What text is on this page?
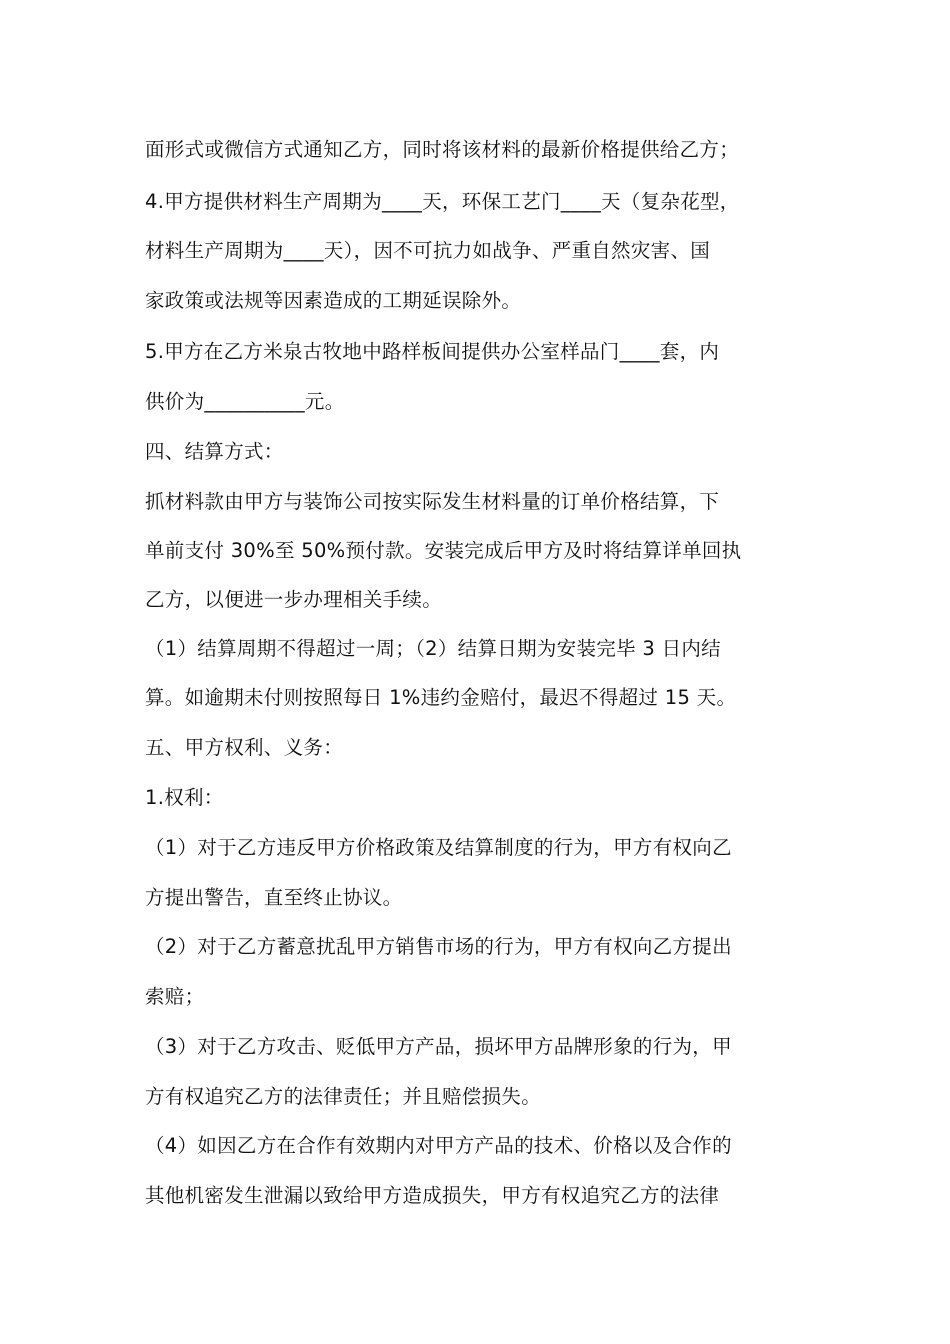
面形式或微信方式通知乙方，同时将该材料的最新价格提供给乙方；
4.甲方提供材料生产周期为____天，环保工艺门____天（复杂花型，
材料生产周期为____天），因不可抗力如战争、严重自然灾害、国
家政策或法规等因素造成的工期延误除外。
5.甲方在乙方米泉古牧地中路样板间提供办公室样品门____套，内
供价为__________元。
四、结算方式：
抓材料款由甲方与装饰公司按实际发生材料量的订单价格结算，下
单前支付 30%至 50%预付款。安装完成后甲方及时将结算详单回执
乙方，以便进一步办理相关手续。
（1）结算周期不得超过一周；（2）结算日期为安装完毕 3 日内结
算。如逾期未付则按照每日 1%违约金赔付，最迟不得超过 15 天。
五、甲方权利、义务：
1.权利：
（1）对于乙方违反甲方价格政策及结算制度的行为，甲方有权向乙
方提出警告，直至终止协议。
（2）对于乙方蓄意扰乱甲方销售市场的行为，甲方有权向乙方提出
索赔；
（3）对于乙方攻击、贬低甲方产品，损坏甲方品牌形象的行为，甲
方有权追究乙方的法律责任；并且赔偿损失。
（4）如因乙方在合作有效期内对甲方产品的技术、价格以及合作的
其他机密发生泄漏以致给甲方造成损失，甲方有权追究乙方的法律
